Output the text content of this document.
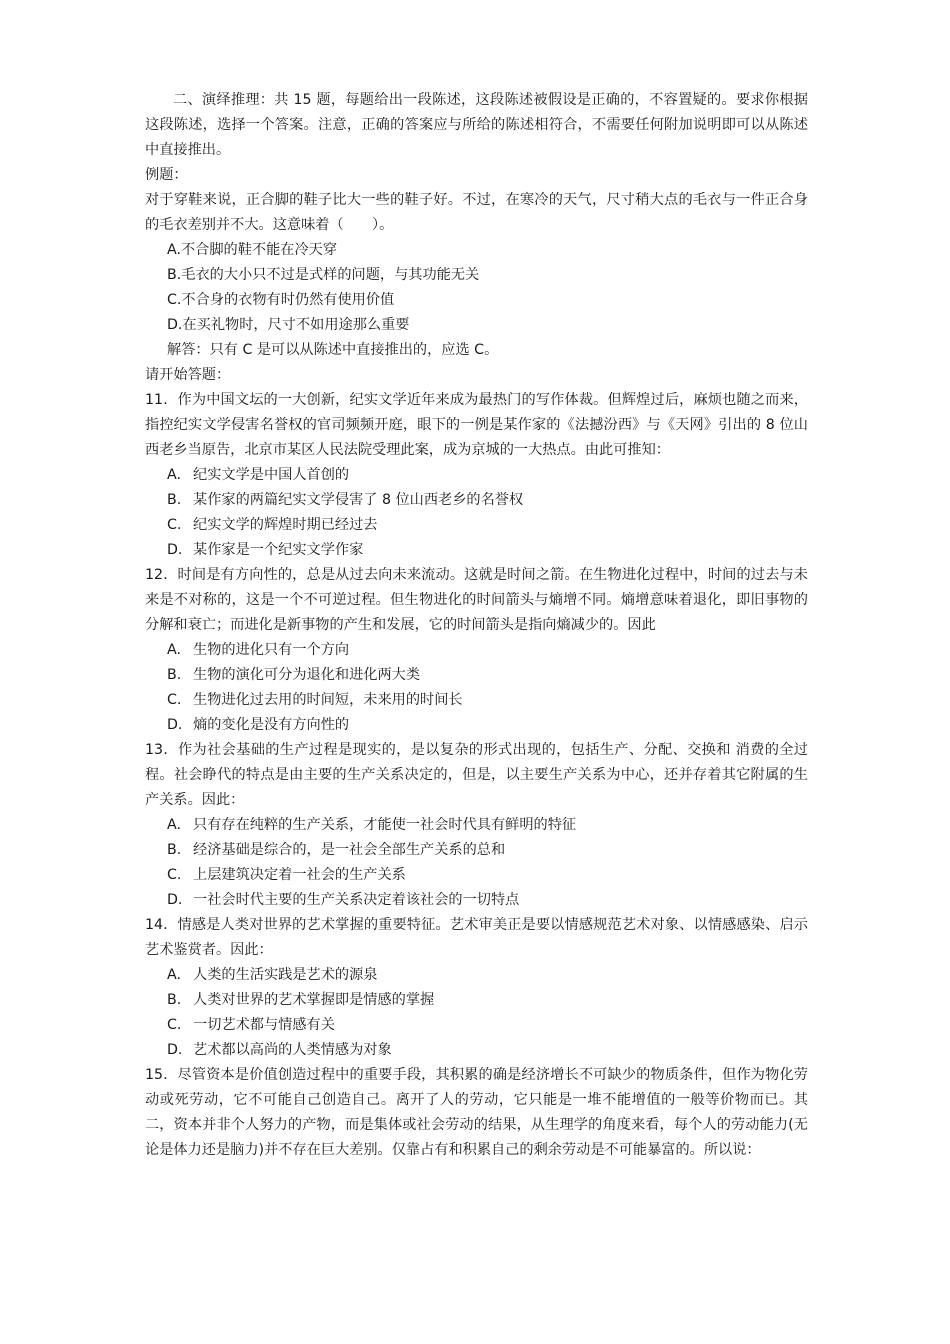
二、演绎推理：共 15 题，每题给出一段陈述，这段陈述被假设是正确的，不容置疑的。要求你根据这段陈述，选择一个答案。注意，正确的答案应与所给的陈述相符合，不需要任何附加说明即可以从陈述中直接推出。

例题：

对于穿鞋来说，正合脚的鞋子比大一些的鞋子好。不过，在寒冷的天气，尺寸稍大点的毛衣与一件正合身的毛衣差别并不大。这意味着（　　）。

A.不合脚的鞋不能在冷天穿
B.毛衣的大小只不过是式样的问题，与其功能无关
C.不合身的衣物有时仍然有使用价值
D.在买礼物时，尺寸不如用途那么重要
解答：只有 C 是可以从陈述中直接推出的，应选 C。
请开始答题：

11．作为中国文坛的一大创新，纪实文学近年来成为最热门的写作体裁。但辉煌过后，麻烦也随之而来，指控纪实文学侵害名誉权的官司频频开庭，眼下的一例是某作家的《法撼汾西》与《天网》引出的 8 位山西老乡当原告，北京市某区人民法院受理此案，成为京城的一大热点。由此可推知：

A. 纪实文学是中国人首创的
B. 某作家的两篇纪实文学侵害了 8 位山西老乡的名誉权
C. 纪实文学的辉煌时期已经过去
D. 某作家是一个纪实文学作家

12．时间是有方向性的，总是从过去向未来流动。这就是时间之箭。在生物进化过程中，时间的过去与未来是不对称的，这是一个不可逆过程。但生物进化的时间箭头与熵增不同。熵增意味着退化，即旧事物的分解和衰亡；而进化是新事物的产生和发展，它的时间箭头是指向熵减少的。因此

A. 生物的进化只有一个方向
B. 生物的演化可分为退化和进化两大类
C. 生物进化过去用的时间短，未来用的时间长
D. 熵的变化是没有方向性的

13．作为社会基础的生产过程是现实的，是以复杂的形式出现的，包括生产、分配、交换和 消费的全过程。社会睁代的特点是由主要的生产关系决定的，但是，以主要生产关系为中心，还并存着其它附属的生产关系。因此：

A. 只有存在纯粹的生产关系，才能使一社会时代具有鲜明的特征
B. 经济基础是综合的，是一社会全部生产关系的总和
C. 上层建筑决定着一社会的生产关系
D. 一社会时代主要的生产关系决定着该社会的一切特点

14．情感是人类对世界的艺术掌握的重要特征。艺术审美正是要以情感规范艺术对象、以情感感染、启示艺术鉴赏者。因此：

A. 人类的生活实践是艺术的源泉
B. 人类对世界的艺术掌握即是情感的掌握
C. 一切艺术都与情感有关
D. 艺术都以高尚的人类情感为对象

15．尽管资本是价值创造过程中的重要手段，其积累的确是经济增长不可缺少的物质条件，但作为物化劳动或死劳动，它不可能自己创造自己。离开了人的劳动，它只能是一堆不能增值的一般等价物而已。其二，资本并非个人努力的产物，而是集体或社会劳动的结果，从生理学的角度来看，每个人的劳动能力(无论是体力还是脑力)并不存在巨大差别。仅靠占有和积累自己的剩余劳动是不可能暴富的。所以说：
